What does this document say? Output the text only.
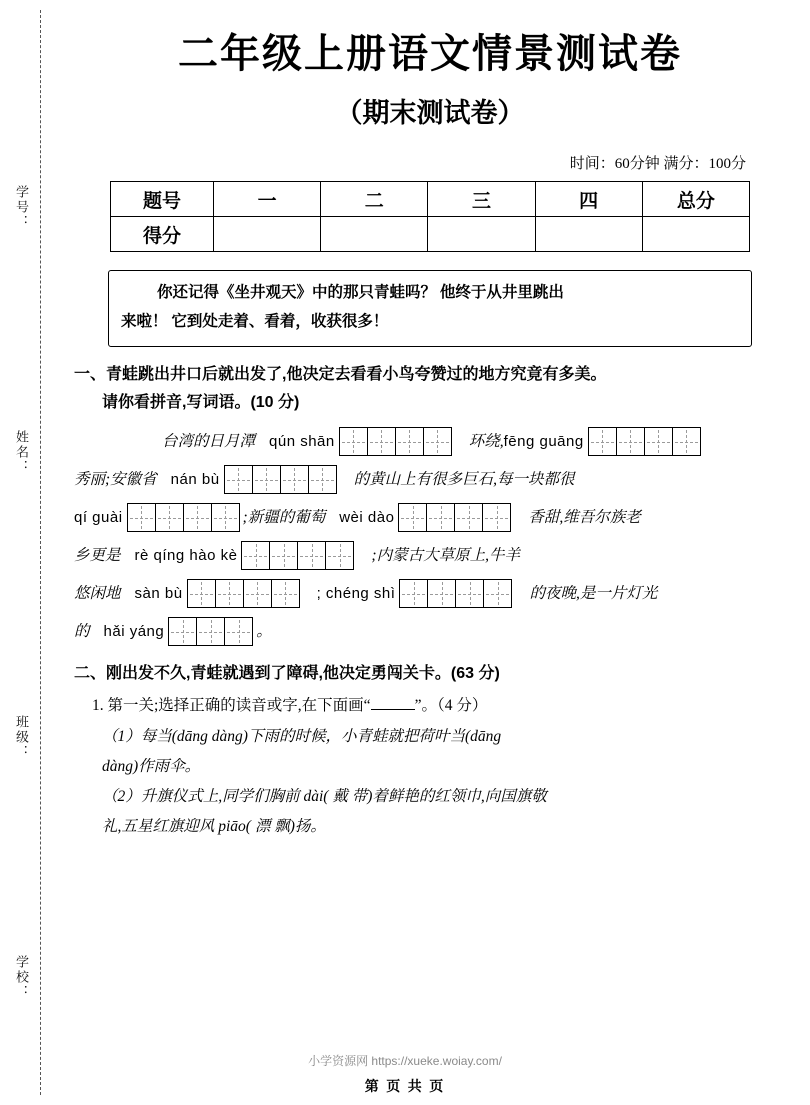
学号：
姓名：
班级：
学校：
二年级上册语文情景测试卷
（期末测试卷）
时间：60分钟 满分：100分
题号	一	二	三	四	总分
得分					
你还记得《坐井观天》中的那只青蛙吗？ 他终于从井里跳出
来啦！ 它到处走着、看着，收获很多！
一、青蛙跳出井口后就出发了,他决定去看看小鸟夸赞过的地方究竟有多美。
请你看拼音,写词语。(10 分)
台湾的日月潭 qún shān	环绕, fēng guāng
秀丽;安徽省 nán bù	的黄山上有很多巨石,每一块都很
qí guài	;新疆的葡萄 wèi dào	香甜,维吾尔族老
乡更是 rè qíng hào kè	;内蒙古大草原上,牛羊
悠闲地 sàn bù	; chéng shì	的夜晚,是一片灯光
的 hǎi yáng	。
二、刚出发不久,青蛙就遇到了障碍,他决定勇闯关卡。(63 分)
1. 第一关;选择正确的读音或字,在下面画“	”。（4 分）
（1）每当(dāng dàng)下雨的时候，小青蛙就把荷叶当(dāng
dàng)作雨伞。
（2）升旗仪式上,同学们胸前 dài( 戴 带)着鲜艳的红领巾,向国旗敬
礼,五星红旗迎风 piāo( 漂 飘)扬。
小学资源网 https://xueke.woiay.com/
第 页 共 页
